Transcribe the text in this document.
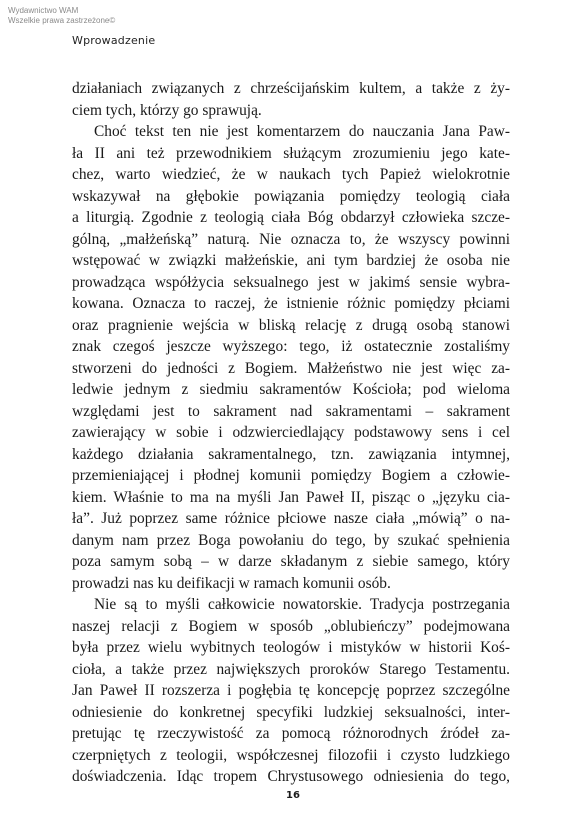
Wydawnictwo WAM
Wszelkie prawa zastrzeżone©
Wprowadzenie
działaniach związanych z chrześcijańskim kultem, a także z ży-
ciem tych, którzy go sprawują.
Choć tekst ten nie jest komentarzem do nauczania Jana Paw-
ła II ani też przewodnikiem służącym zrozumieniu jego kate-
chez, warto wiedzieć, że w naukach tych Papież wielokrotnie
wskazywał na głębokie powiązania pomiędzy teologią ciała
a liturgią. Zgodnie z teologią ciała Bóg obdarzył człowieka szcze-
gólną, „małżeńską” naturą. Nie oznacza to, że wszyscy powinni
wstępować w związki małżeńskie, ani tym bardziej że osoba nie
prowadząca współżycia seksualnego jest w jakimś sensie wybra-
kowana. Oznacza to raczej, że istnienie różnic pomiędzy płciami
oraz pragnienie wejścia w bliską relację z drugą osobą stanowi
znak czegoś jeszcze wyższego: tego, iż ostatecznie zostaliśmy
stworzeni do jedności z Bogiem. Małżeństwo nie jest więc za-
ledwie jednym z siedmiu sakramentów Kościoła; pod wieloma
względami jest to sakrament nad sakramentami – sakrament
zawierający w sobie i odzwierciedlający podstawowy sens i cel
każdego działania sakramentalnego, tzn. zawiązania intymnej,
przemieniającej i płodnej komunii pomiędzy Bogiem a człowie-
kiem. Właśnie to ma na myśli Jan Paweł II, pisząc o „języku cia-
ła”. Już poprzez same różnice płciowe nasze ciała „mówią” o na-
danym nam przez Boga powołaniu do tego, by szukać spełnienia
poza samym sobą – w darze składanym z siebie samego, który
prowadzi nas ku deifikacji w ramach komunii osób.
Nie są to myśli całkowicie nowatorskie. Tradycja postrzegania
naszej relacji z Bogiem w sposób „oblubieńczy” podejmowana
była przez wielu wybitnych teologów i mistyków w historii Koś-
cioła, a także przez największych proroków Starego Testamentu.
Jan Paweł II rozszerza i pogłębia tę koncepcję poprzez szczególne
odniesienie do konkretnej specyfiki ludzkiej seksualności, inter-
pretując tę rzeczywistość za pomocą różnorodnych źródeł za-
czerpniętych z teologii, współczesnej filozofii i czysto ludzkiego
doświadczenia. Idąc tropem Chrystusowego odniesienia do tego,
16
